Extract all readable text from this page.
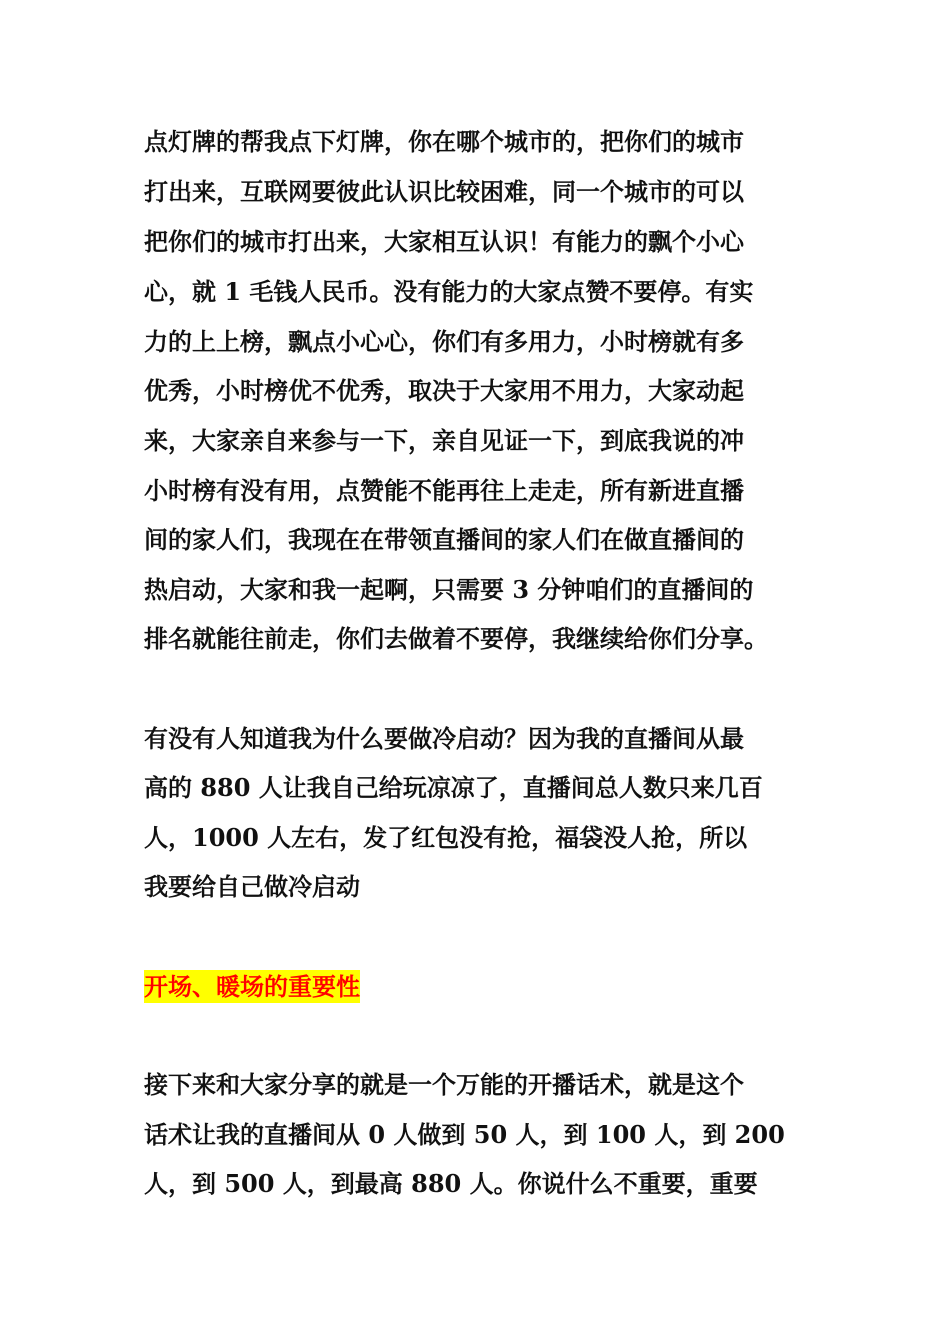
点灯牌的帮我点下灯牌，你在哪个城市的，把你们的城市
打出来，互联网要彼此认识比较困难，同一个城市的可以
把你们的城市打出来，大家相互认识！有能力的飘个小心
心，就 1 毛钱人民币。没有能力的大家点赞不要停。有实
力的上上榜，飘点小心心，你们有多用力，小时榜就有多
优秀，小时榜优不优秀，取决于大家用不用力，大家动起
来，大家亲自来参与一下，亲自见证一下，到底我说的冲
小时榜有没有用，点赞能不能再往上走走，所有新进直播
间的家人们，我现在在带领直播间的家人们在做直播间的
热启动，大家和我一起啊，只需要 3 分钟咱们的直播间的
排名就能往前走，你们去做着不要停，我继续给你们分享。
有没有人知道我为什么要做冷启动？因为我的直播间从最
高的 880 人让我自己给玩凉凉了，直播间总人数只来几百
人，1000 人左右，发了红包没有抢，福袋没人抢，所以
我要给自己做冷启动
开场、暖场的重要性
接下来和大家分享的就是一个万能的开播话术，就是这个
话术让我的直播间从 0 人做到 50 人，到 100 人，到 200
人，到 500 人，到最高 880 人。你说什么不重要，重要
